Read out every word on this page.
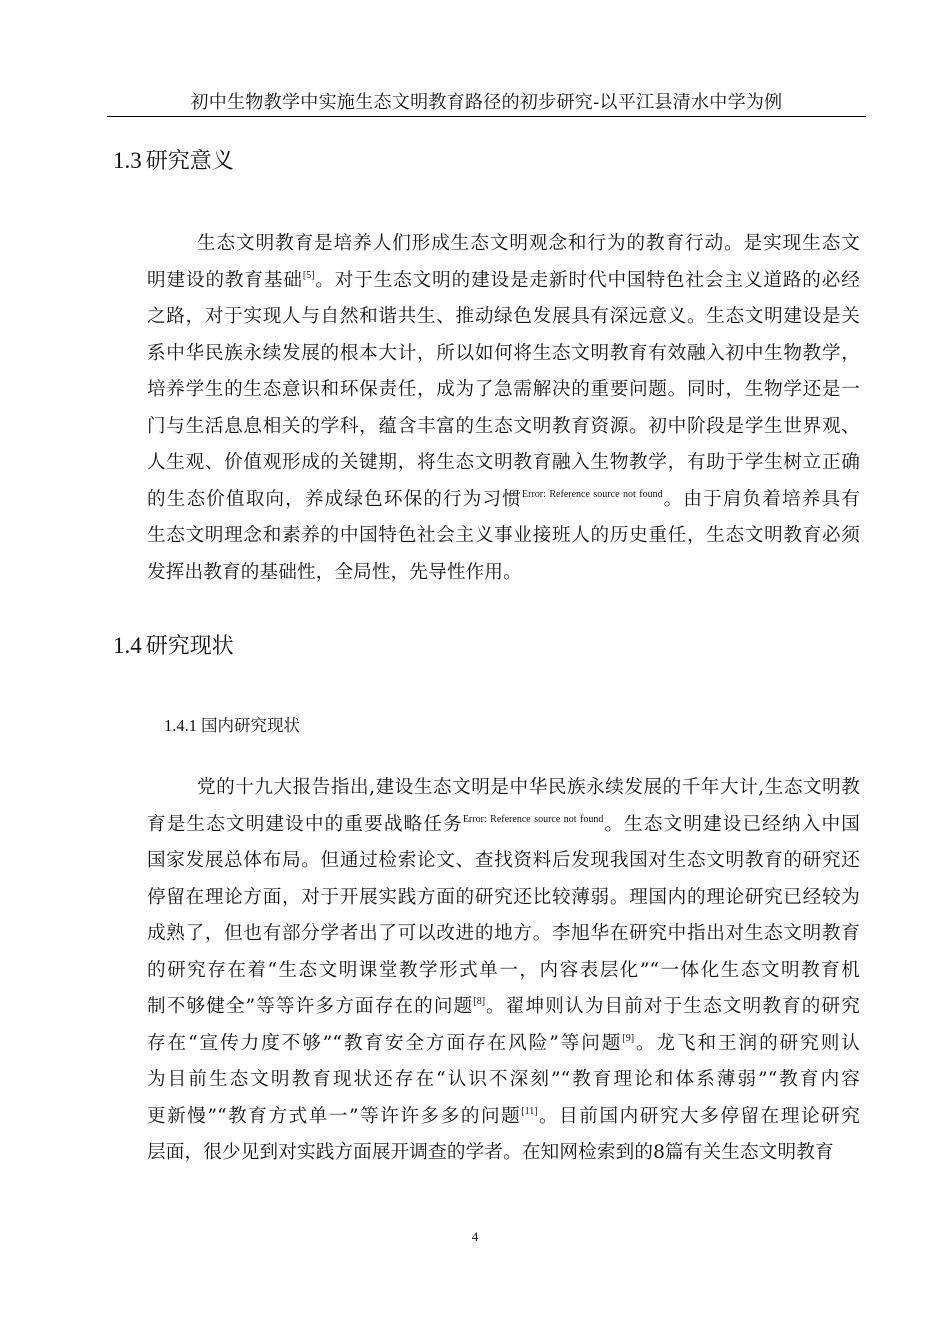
初中生物教学中实施生态文明教育路径的初步研究-以平江县清水中学为例
1.3 研究意义
生态文明教育是培养人们形成生态文明观念和行为的教育行动。是实现生态文
明建设的教育基础[5]。对于生态文明的建设是走新时代中国特色社会主义道路的必经
之路，对于实现人与自然和谐共生、推动绿色发展具有深远意义。生态文明建设是关
系中华民族永续发展的根本大计，所以如何将生态文明教育有效融入初中生物教学，
培养学生的生态意识和环保责任，成为了急需解决的重要问题。同时，生物学还是一
门与生活息息相关的学科，蕴含丰富的生态文明教育资源。初中阶段是学生世界观、
人生观、价值观形成的关键期，将生态文明教育融入生物教学，有助于学生树立正确
的生态价值取向，养成绿色环保的行为习惯$^{Error: Reference source not found}$。由于肩负着培养具有
生态文明理念和素养的中国特色社会主义事业接班人的历史重任，生态文明教育必须
发挥出教育的基础性，全局性，先导性作用。
1.4 研究现状
1.4.1 国内研究现状
党的十九大报告指出,建设生态文明是中华民族永续发展的千年大计,生态文明教
育是生态文明建设中的重要战略任务$^{Error: Reference source not found}$。生态文明建设已经纳入中国
国家发展总体布局。但通过检索论文、查找资料后发现我国对生态文明教育的研究还
停留在理论方面，对于开展实践方面的研究还比较薄弱。理国内的理论研究已经较为
成熟了，但也有部分学者出了可以改进的地方。李旭华在研究中指出对生态文明教育
的研究存在着“生态文明课堂教学形式单一，内容表层化”“一体化生态文明教育机
制不够健全”等等许多方面存在的问题[8]。翟坤则认为目前对于生态文明教育的研究
存在“宣传力度不够”“教育安全方面存在风险”等问题[9]。龙飞和王润的研究则认
为目前生态文明教育现状还存在“认识不深刻”“教育理论和体系薄弱”“教育内容
更新慢”“教育方式单一”等许许多多的问题[11]。目前国内研究大多停留在理论研究
层面，很少见到对实践方面展开调查的学者。在知网检索到的8篇有关生态文明教育
4
